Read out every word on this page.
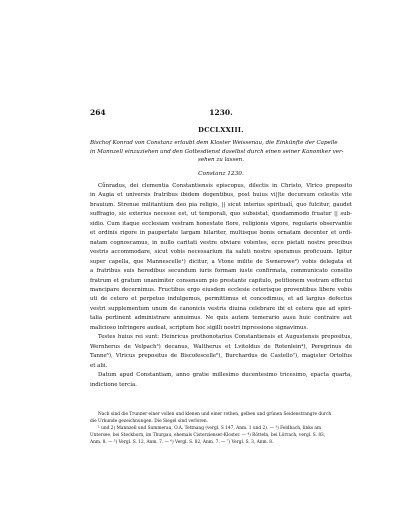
264	1230.
DCCLXXIII.
Bischof Konrad von Constanz erlaubt dem Kloster Weissenau, die Einkünfte der Capelle
in Mannzell einzuziehen und den Gottesdienst daselbst durch einen seiner Kanoniker ver-
sehen zu lassen.
Constanz 1230.
Cůnradus, dei clementia Constantiensis episcopus, dilectis in Christo, Vlrico preposito
in Augia et universis fratribus ibidem degentibus, post huius vi||te decursum celestis vite
brauium. Strenue militantium deo pia religio, || sicut interius spiritualí, quo fulcitur, gaudet
suffragio, sic exterius necesse est, ut temporali, quo subsistat, quodammodo fruatur || sub-
sidio. Cum itaque ecclesiam vestram honestate flore, religionis vigore, regularis observantie
et ordinis rigore in paupertate largam hilariter, multisque bonis ornatam decenter et ordi-
natam cognoscamus, in nullo caritati vestre obviare volentes, ecce pietati nostre precibus
vestris accommodare, sicut vobis necessarium ita saluti nostre speramus proficuum. Igitur
super capella, que Mannescelle¹) dicitur, a Vtone milite de Swnerowe²) vobis delegata et
a fratribus suis heredibus secundum iuris formam iuste confirmata, communicato consilio
fratrum et gratum unanimiter consensum pio prestante capitulo, petitionem vestram effectui
mancipare decernimus. Fructibus ergo eiusdem ecclesie ceterisque proventibus libere vobis
uti de cetero et perpetuo indulgemus, permittimus et concedimus, et ad largius defectus
vestri supplementum unum de canonicis vestris diuina celebrare ibi et cetera que ad spiri-
talia pertinent administrare annuimus. Ne quis autem temerario ausu huic contraire aut
malicioso infringere audeat, scriptum hoc sigilli nostri inpressione signavimus.
Testes huius rei sunt: Heinricus prothonotarius Constantiensis et Augustensis prepositus,
Wernherus de Velpach³) decanus, Waltherus et Lvitoldus de Rotenlein⁴), Peregrinus de
Tanne⁵), Vlricus prepositus de Biscofescelle⁶), Burchardus de Castello⁷), magister Ortolfus
et alii.
Datum apud Constantiam, anno gratie millesimo ducentesimo tricesimo, epacta quarta,
indictione tercia.
Nach sind die Trunner einer vollen und klenen und einer rothen, gelben und grünen Seidenstrangre durch
die Urkunde gezeichnungen. Die Siegel sind verloren.
¹ und 2) Mannzell und Summerau, O.A. Tettnang (vergl. S 147, Anm. 1 und 2). — ³) Feldbach, links am
Untersee, bei Steckborn, im Thurgau, ehemals Cisterzienser-Kloster. — ⁴) Rötteln, bei Lörrach, vergl. S. 83,
Anm. 8. — ⁵) Vergl. S. 12, Anm. 7. — ⁶) Vergl. S. 82, Anm. 7. — ⁷) Vergl. S. 3, Anm. 8.
